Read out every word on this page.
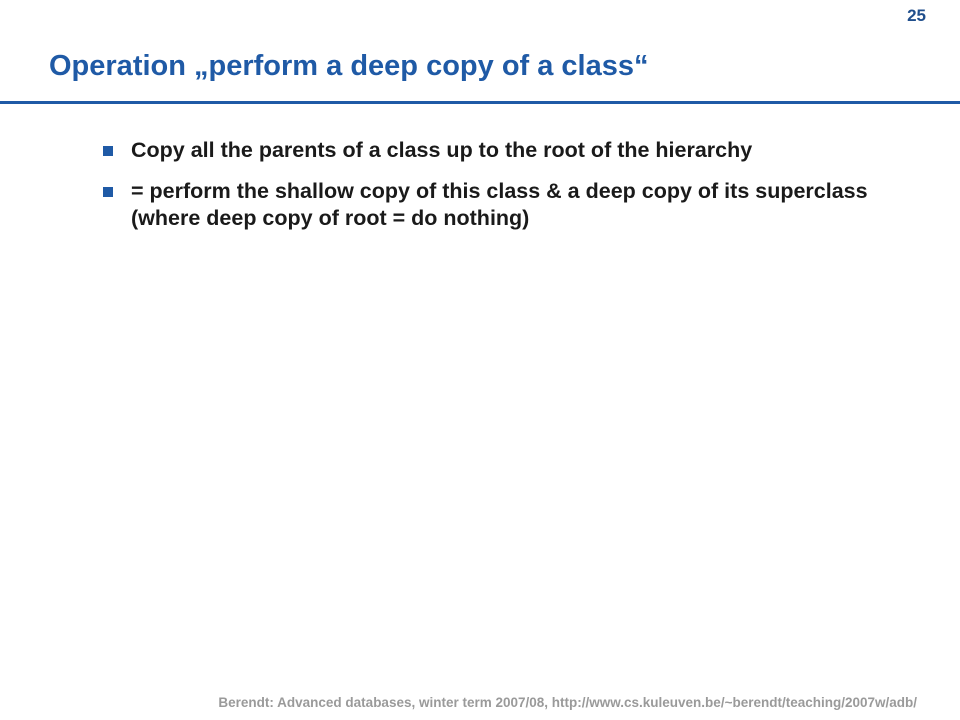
25
Operation „perform a deep copy of a class“
Copy all the parents of a class up to the root of the hierarchy
= perform the shallow copy of this class & a deep copy of its superclass (where deep copy of root = do nothing)
Berendt: Advanced databases, winter term 2007/08, http://www.cs.kuleuven.be/~berendt/teaching/2007w/adb/
